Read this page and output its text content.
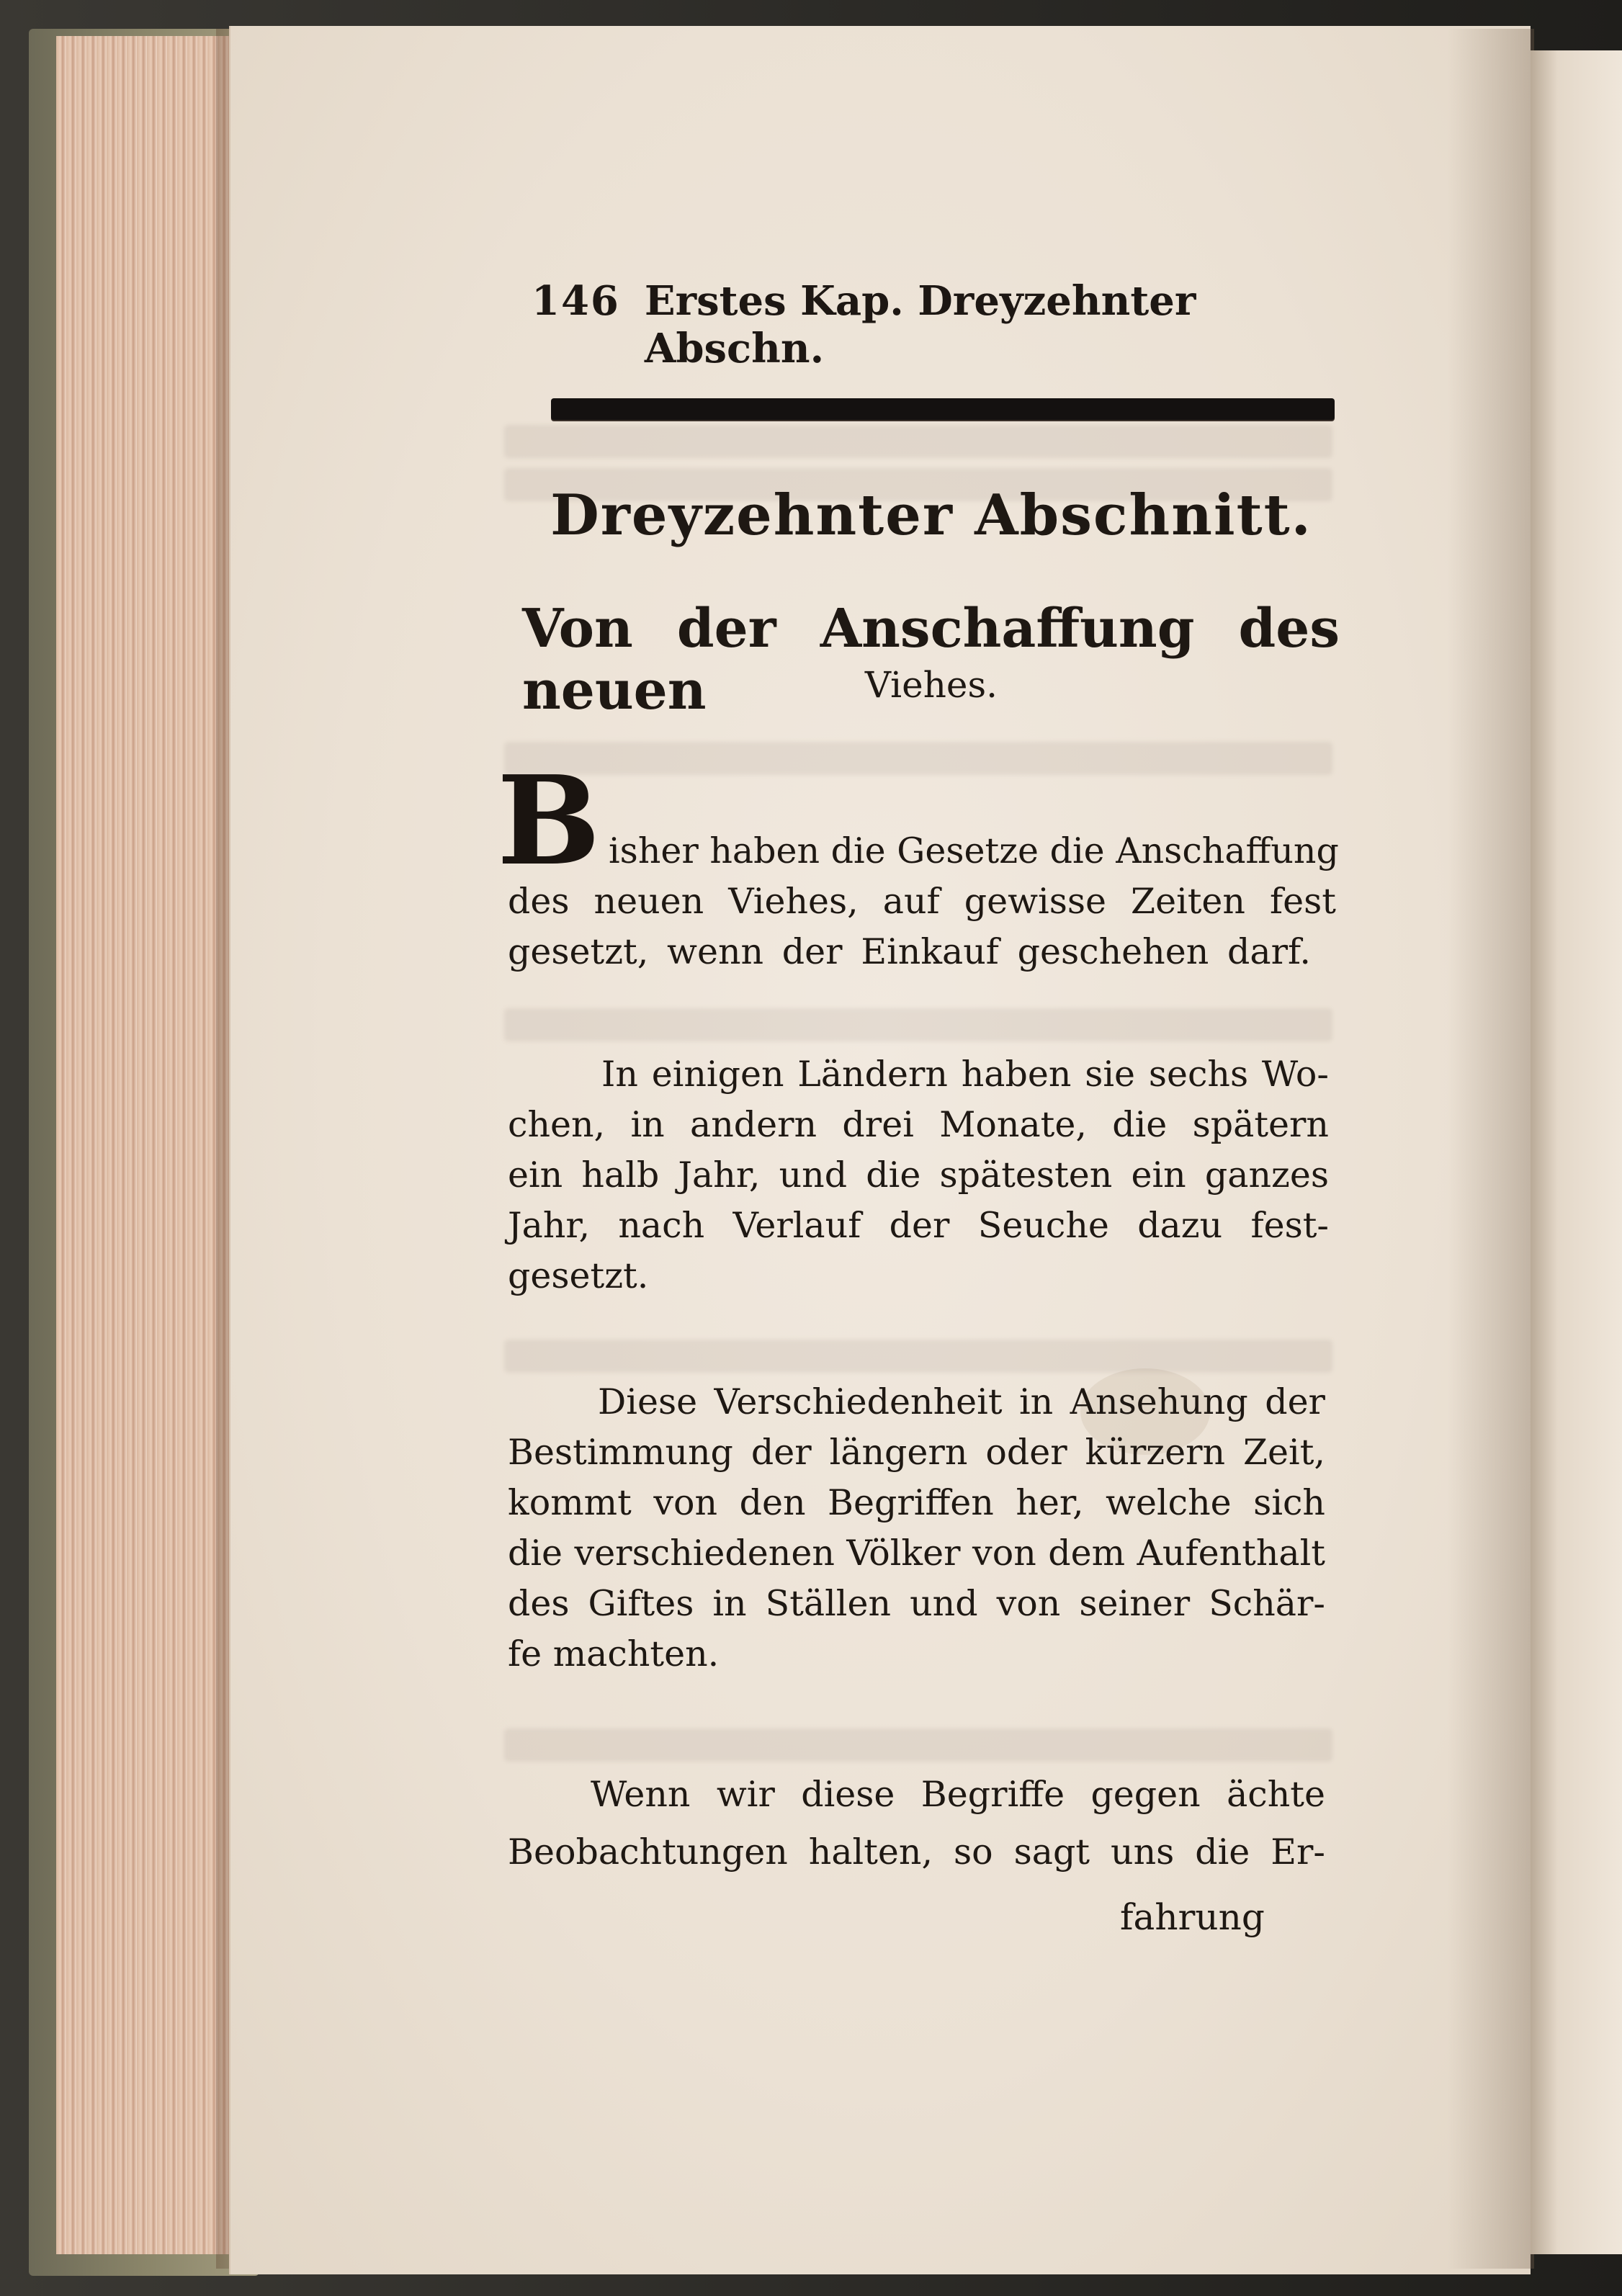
146 Erstes Kap. Dreyzehnter Abschn.
Dreyzehnter Abschnitt.
Von der Anschaffung des neuen	Viehes.
B isher haben die Gesetze die Anschaffung
des neuen Viehes, auf gewisse Zeiten fest
gesetzt, wenn der Einkauf geschehen darf.
In einigen Ländern haben sie sechs Wo-
chen, in andern drei Monate, die spätern
ein halb Jahr, und die spätesten ein ganzes
Jahr, nach Verlauf der Seuche dazu fest-
gesetzt.
Diese Verschiedenheit in Ansehung der
Bestimmung der längern oder kürzern Zeit,
kommt von den Begriffen her, welche sich
die verschiedenen Völker von dem Aufenthalt
des Giftes in Ställen und von seiner Schär-
fe machten.
Wenn wir diese Begriffe gegen ächte
Beobachtungen halten, so sagt uns die Er-
fahrung
